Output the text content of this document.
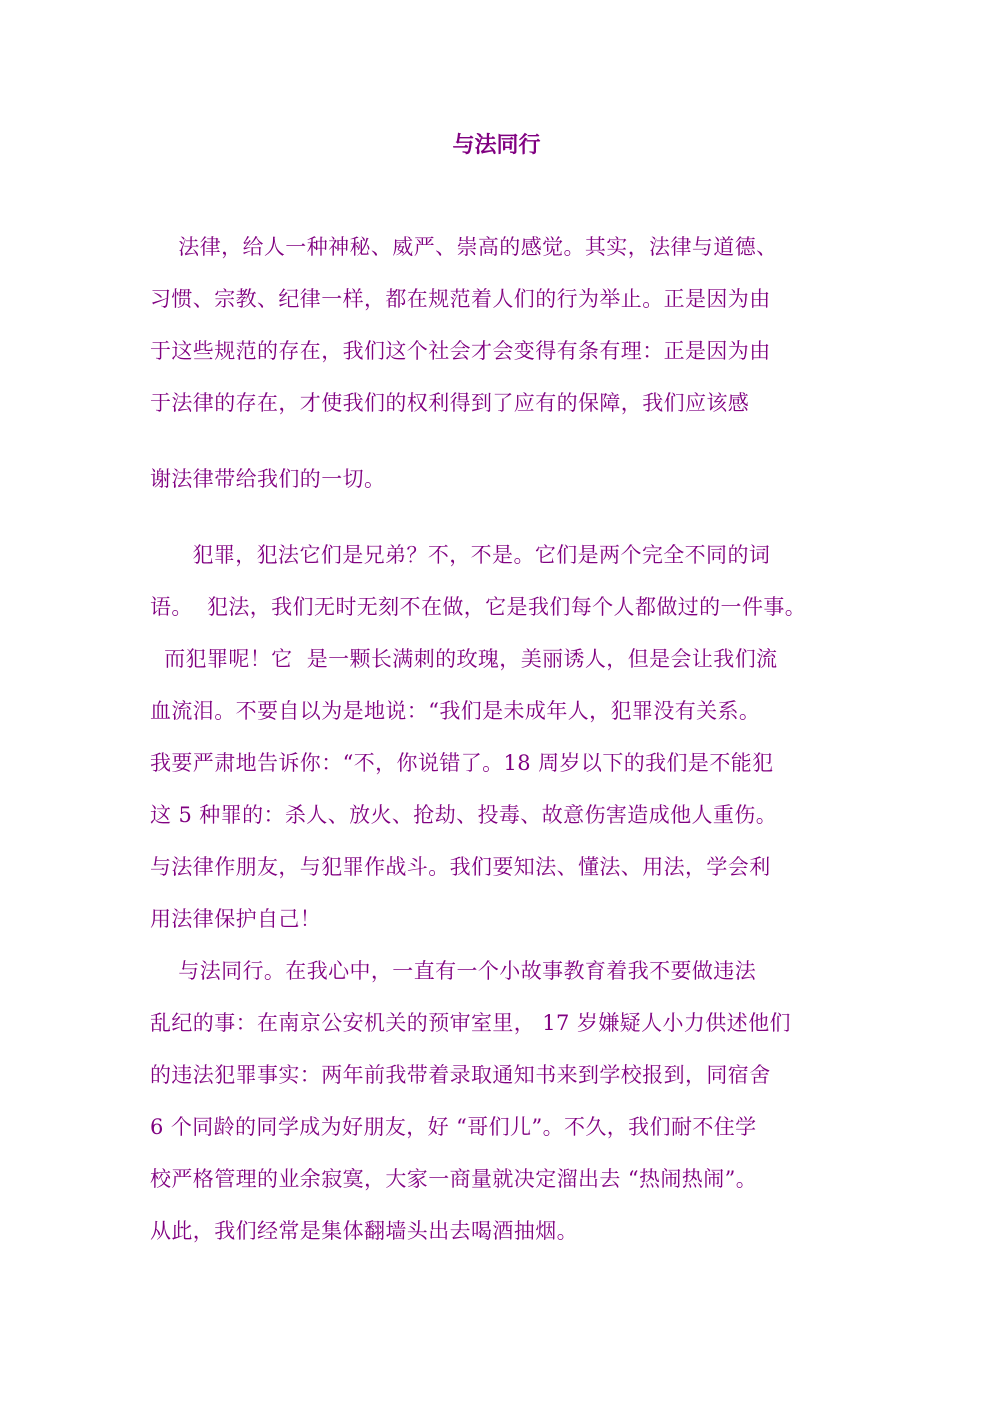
与法同行
法律，给人一种神秘、威严、崇高的感觉。其实，法律与道德、
习惯、宗教、纪律一样，都在规范着人们的行为举止。正是因为由
于这些规范的存在，我们这个社会才会变得有条有理：正是因为由
于法律的存在，才使我们的权利得到了应有的保障，我们应该感
谢法律带给我们的一切。
犯罪，犯法它们是兄弟？不，不是。它们是两个完全不同的词
语。  犯法，我们无时无刻不在做，它是我们每个人都做过的一件事。
而犯罪呢！它  是一颗长满刺的玫瑰，美丽诱人，但是会让我们流
血流泪。不要自以为是地说：“我们是未成年人，犯罪没有关系。
我要严肃地告诉你：“不，你说错了。18 周岁以下的我们是不能犯
这 5 种罪的：杀人、放火、抢劫、投毒、故意伤害造成他人重伤。
与法律作朋友，与犯罪作战斗。我们要知法、懂法、用法，学会利
用法律保护自己！
与法同行。在我心中，一直有一个小故事教育着我不要做违法
乱纪的事：在南京公安机关的预审室里， 17 岁嫌疑人小力供述他们
的违法犯罪事实：两年前我带着录取通知书来到学校报到，同宿舍
6 个同龄的同学成为好朋友，好 “哥们儿”。不久，我们耐不住学
校严格管理的业余寂寞，大家一商量就决定溜出去 “热闹热闹”。
从此，我们经常是集体翻墙头出去喝酒抽烟。
